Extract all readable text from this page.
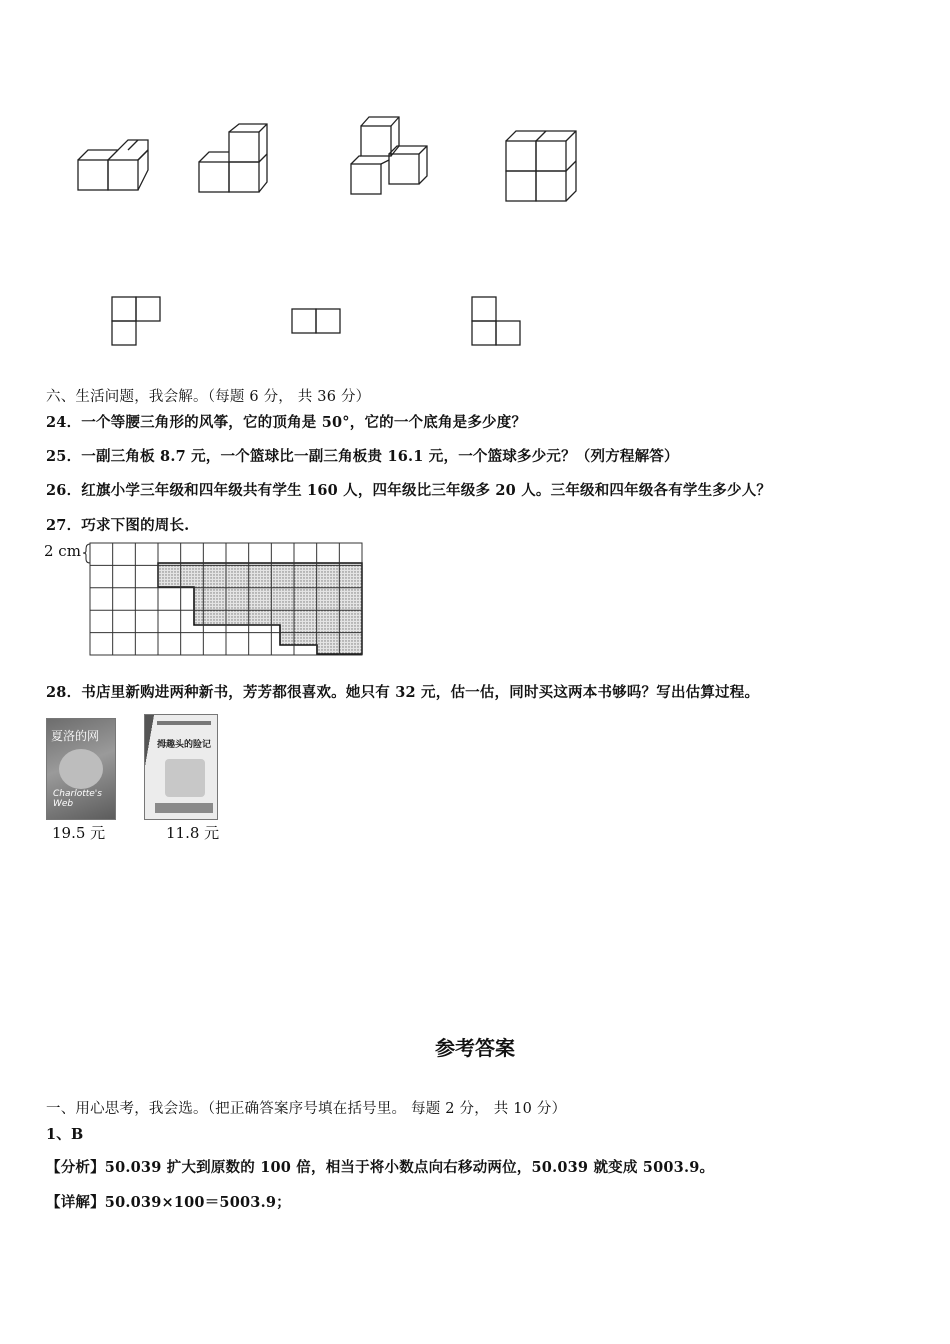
六、生活问题，我会解。（每题 6 分， 共 36 分）
24．一个等腰三角形的风筝，它的顶角是 50°，它的一个底角是多少度？
25．一副三角板 8.7 元，一个篮球比一副三角板贵 16.1 元，一个篮球多少元？（列方程解答）
26．红旗小学三年级和四年级共有学生 160 人，四年级比三年级多 20 人。三年级和四年级各有学生多少人？
27．巧求下图的周长.
2 cm
28．书店里新购进两种新书，芳芳都很喜欢。她只有 32 元，估一估，同时买这两本书够吗？写出估算过程。
夏洛的网
Charlotte's Web
19.5 元
拇趣头的险记
11.8 元
参考答案
一、用心思考，我会选。（把正确答案序号填在括号里。 每题 2 分， 共 10 分）
1、B
【分析】50.039 扩大到原数的 100 倍，相当于将小数点向右移动两位，50.039 就变成 5003.9。
【详解】50.039×100＝5003.9；
